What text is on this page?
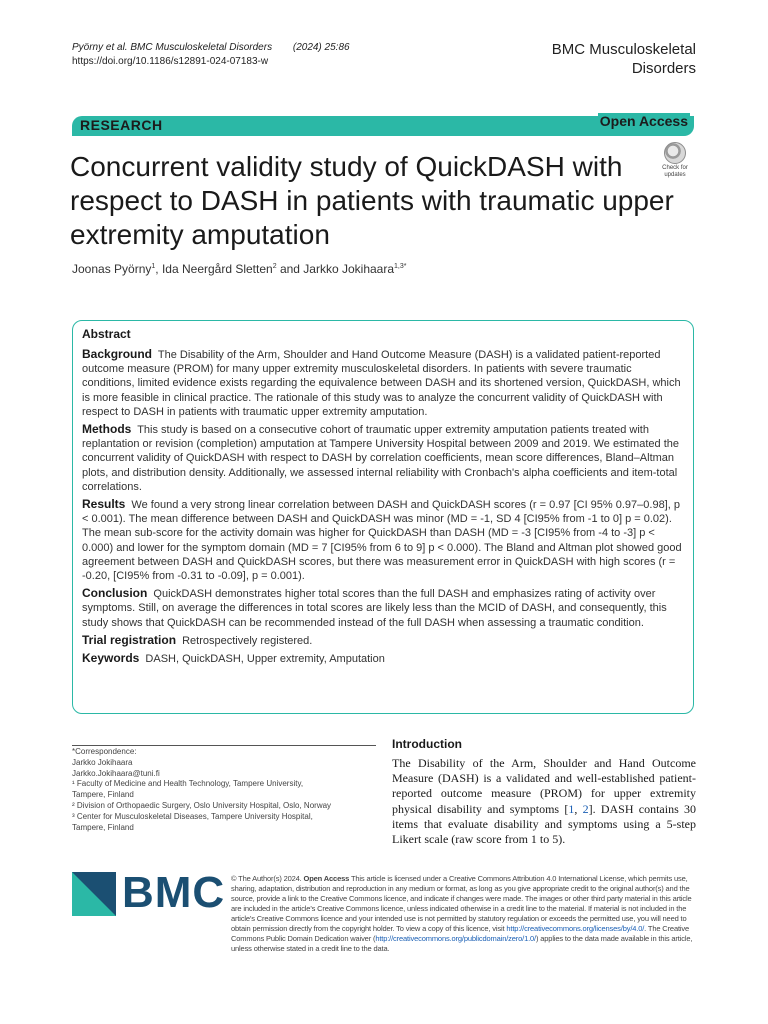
Pyörny et al. BMC Musculoskeletal Disorders (2024) 25:86
https://doi.org/10.1186/s12891-024-07183-w
BMC Musculoskeletal
Disorders
RESEARCH	Open Access
Concurrent validity study of QuickDASH with respect to DASH in patients with traumatic upper extremity amputation
Check for
updates
Joonas Pyörny$^1$, Ida Neergård Sletten$^2$ and Jarkko Jokihaara$^{1,3*}$
Abstract

Background The Disability of the Arm, Shoulder and Hand Outcome Measure (DASH) is a validated patient-reported outcome measure (PROM) for many upper extremity musculoskeletal disorders. In patients with severe traumatic conditions, limited evidence exists regarding the equivalence between DASH and its shortened version, QuickDASH, which is more feasible in clinical practice. The rationale of this study was to analyze the concurrent validity of QuickDASH with respect to DASH in patients with traumatic upper extremity amputation.

Methods This study is based on a consecutive cohort of traumatic upper extremity amputation patients treated with replantation or revision (completion) amputation at Tampere University Hospital between 2009 and 2019. We estimated the concurrent validity of QuickDASH with respect to DASH by correlation coefficients, mean score differences, Bland–Altman plots, and distribution density. Additionally, we assessed internal reliability with Cronbach's alpha coefficients and item-total correlations.

Results We found a very strong linear correlation between DASH and QuickDASH scores (r = 0.97 [CI 95% 0.97–0.98], p < 0.001). The mean difference between DASH and QuickDASH was minor (MD = -1, SD 4 [CI95% from -1 to 0] p = 0.02). The mean sub-score for the activity domain was higher for QuickDASH than DASH (MD = -3 [CI95% from -4 to -3] p < 0.000) and lower for the symptom domain (MD = 7 [CI95% from 6 to 9] p < 0.000). The Bland and Altman plot showed good agreement between DASH and QuickDASH scores, but there was measurement error in QuickDASH with high scores (r = -0.20, [CI95% from -0.31 to -0.09], p = 0.001).

Conclusion QuickDASH demonstrates higher total scores than the full DASH and emphasizes rating of activity over symptoms. Still, on average the differences in total scores are likely less than the MCID of DASH, and consequently, this study shows that QuickDASH can be recommended instead of the full DASH when assessing a traumatic condition.

Trial registration Retrospectively registered.

Keywords DASH, QuickDASH, Upper extremity, Amputation

*Correspondence:
Jarkko Jokihaara
Jarkko.Jokihaara@tuni.fi
¹ Faculty of Medicine and Health Technology, Tampere University,
Tampere, Finland
² Division of Orthopaedic Surgery, Oslo University Hospital, Oslo, Norway
³ Center for Musculoskeletal Diseases, Tampere University Hospital,
Tampere, Finland
Introduction

The Disability of the Arm, Shoulder and Hand Outcome Measure (DASH) is a validated and well-established patient-reported outcome measure (PROM) for upper extremity physical disability and symptoms [1, 2]. DASH contains 30 items that evaluate disability and symptoms using a 5-step Likert scale (raw score from 1 to 5).

BMC © The Author(s) 2024. Open Access This article is licensed under a Creative Commons Attribution 4.0 International License, which permits use, sharing, adaptation, distribution and reproduction in any medium or format, as long as you give appropriate credit to the original author(s) and the source, provide a link to the Creative Commons licence, and indicate if changes were made. The images or other third party material in this article are included in the article's Creative Commons licence, unless indicated otherwise in a credit line to the material. If material is not included in the article's Creative Commons licence and your intended use is not permitted by statutory regulation or exceeds the permitted use, you will need to obtain permission directly from the copyright holder. To view a copy of this licence, visit http://creativecommons.org/licenses/by/4.0/. The Creative Commons Public Domain Dedication waiver (http://creativecommons.org/publicdomain/zero/1.0/) applies to the data made available in this article, unless otherwise stated in a credit line to the data.
